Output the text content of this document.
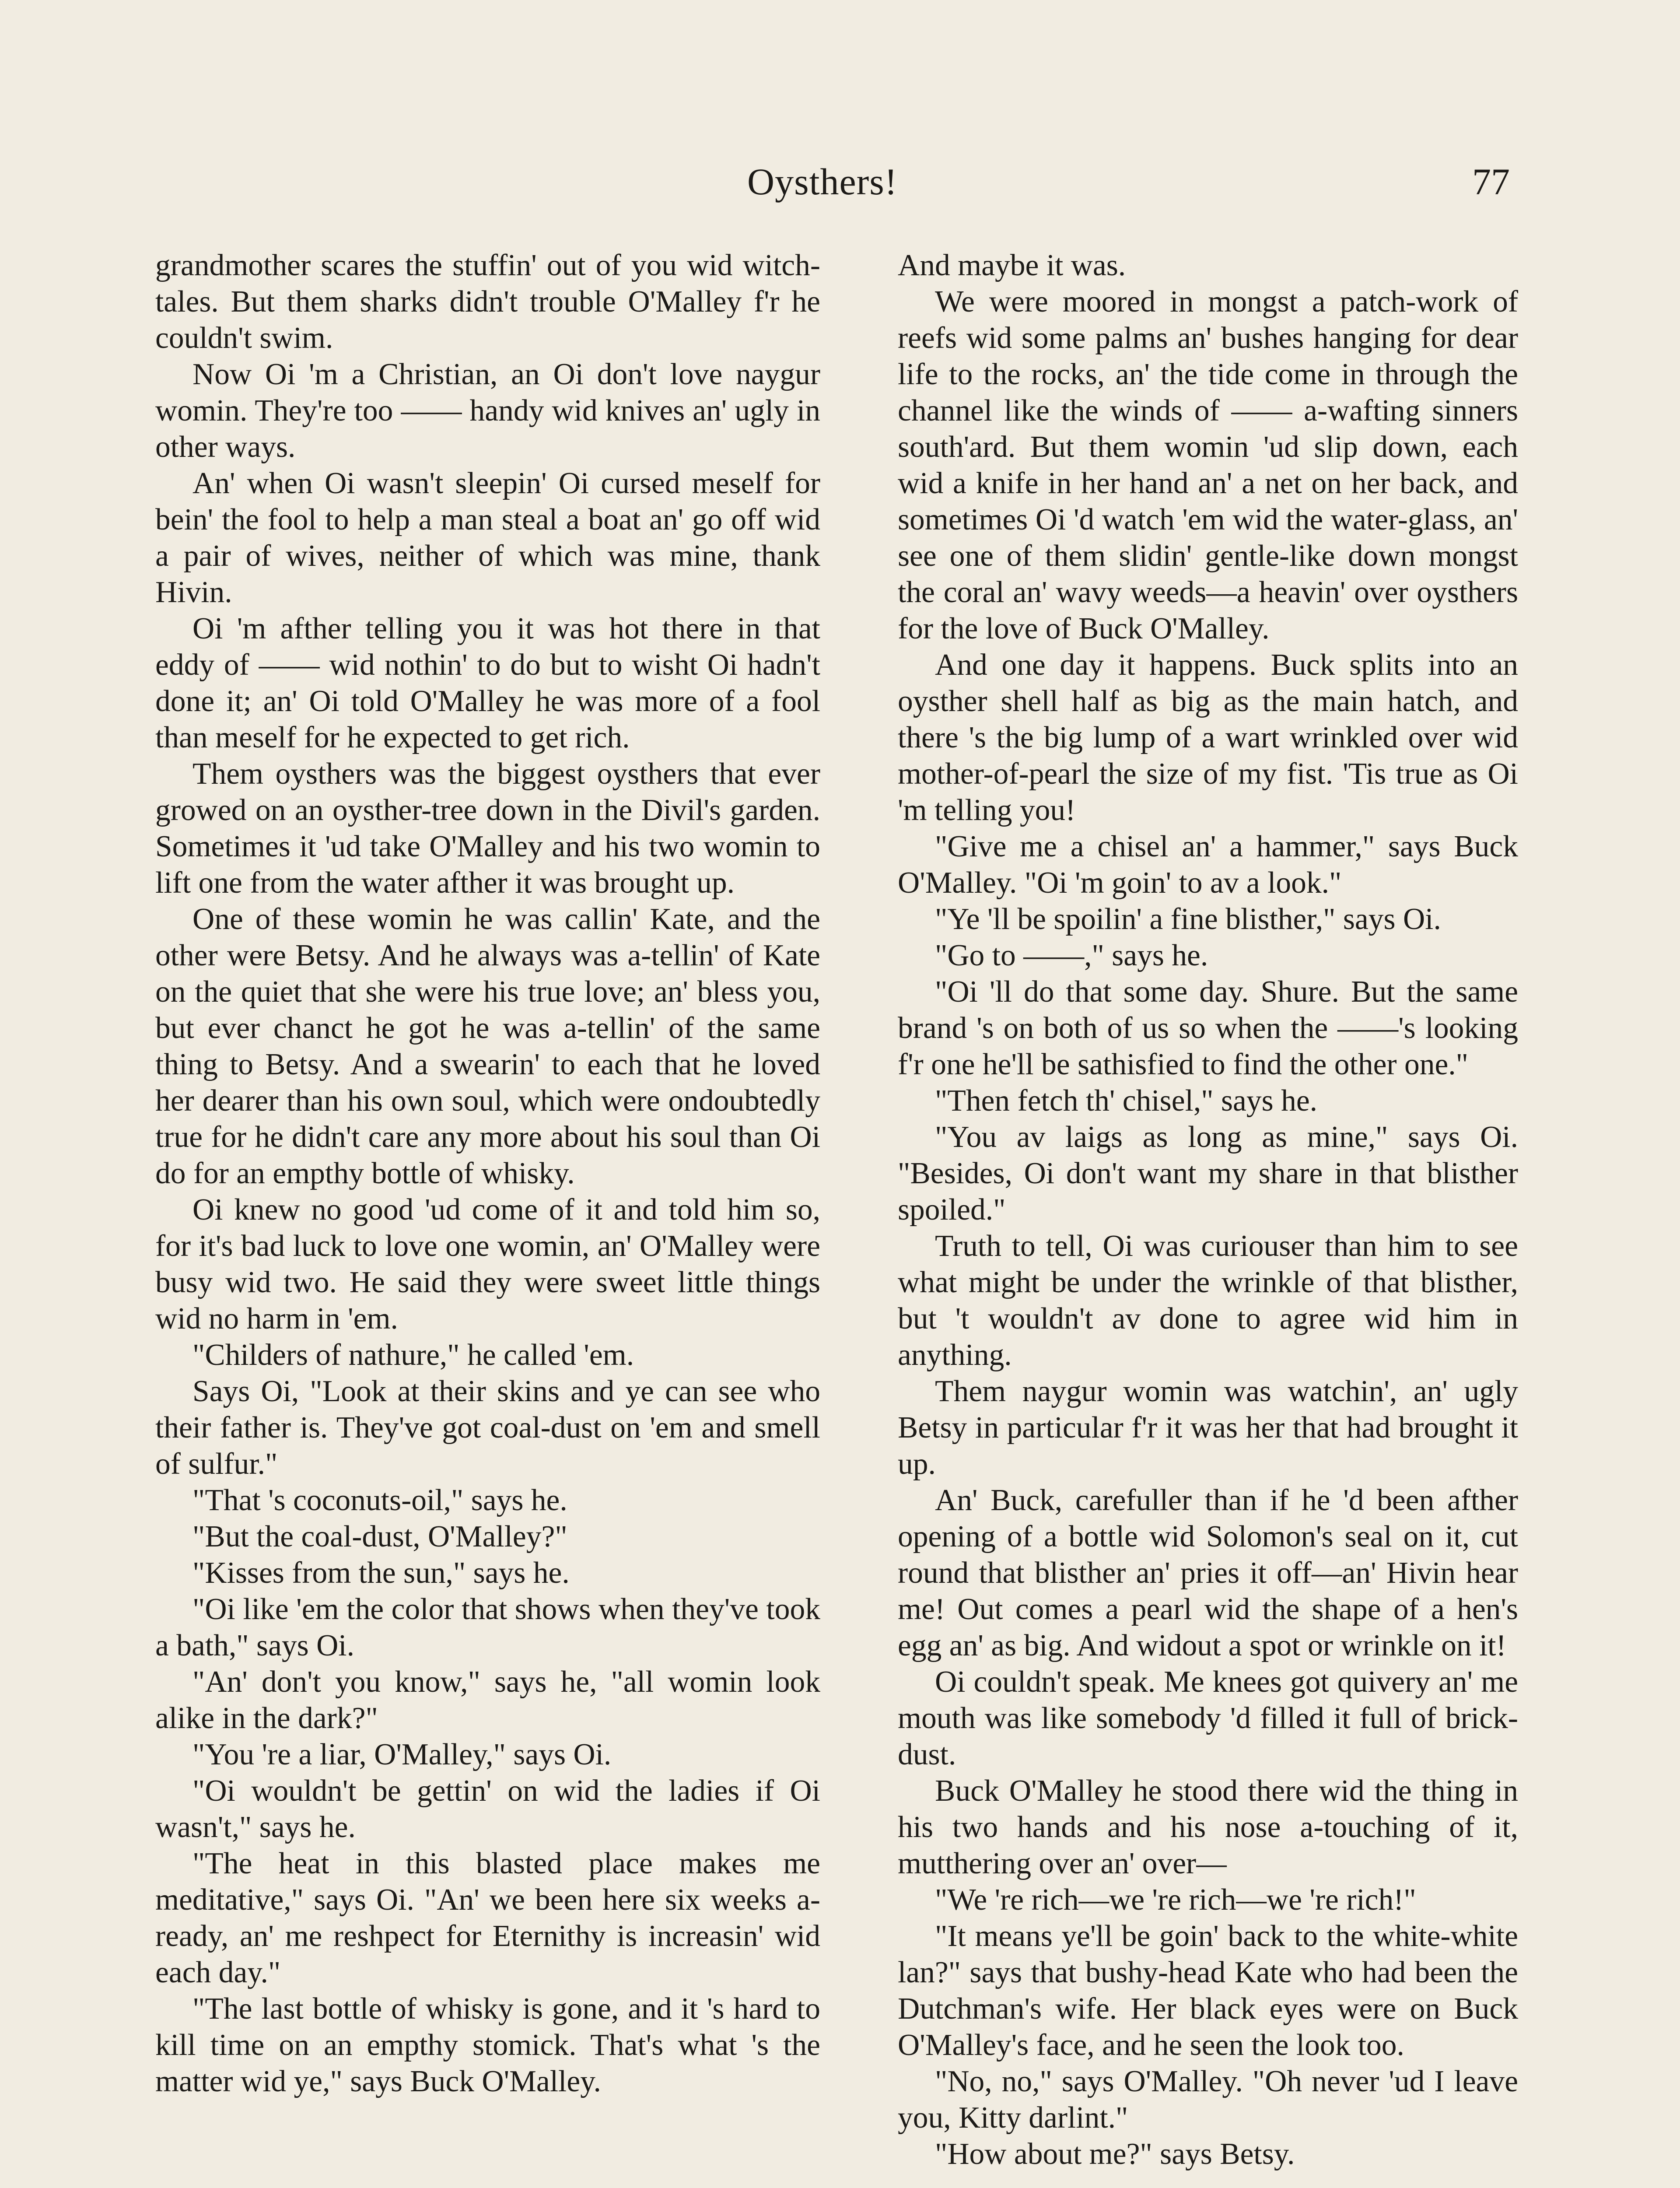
Oysthers!	77

grandmother scares the stuffin' out of you wid witch-tales. But them sharks didn't trouble O'Malley f'r he couldn't swim.

Now Oi 'm a Christian, an Oi don't love naygur womin. They're too —— handy wid knives an' ugly in other ways.

An' when Oi wasn't sleepin' Oi cursed meself for bein' the fool to help a man steal a boat an' go off wid a pair of wives, neither of which was mine, thank Hivin.

Oi 'm afther telling you it was hot there in that eddy of —— wid nothin' to do but to wisht Oi hadn't done it; an' Oi told O'Malley he was more of a fool than meself for he expected to get rich.

Them oysthers was the biggest oysthers that ever growed on an oysther-tree down in the Divil's garden. Sometimes it 'ud take O'Malley and his two womin to lift one from the water afther it was brought up.

One of these womin he was callin' Kate, and the other were Betsy. And he always was a-tellin' of Kate on the quiet that she were his true love; an' bless you, but ever chanct he got he was a-tellin' of the same thing to Betsy. And a swearin' to each that he loved her dearer than his own soul, which were ondoubtedly true for he didn't care any more about his soul than Oi do for an empthy bottle of whisky.

Oi knew no good 'ud come of it and told him so, for it's bad luck to love one womin, an' O'Malley were busy wid two. He said they were sweet little things wid no harm in 'em.

"Childers of nathure," he called 'em.

Says Oi, "Look at their skins and ye can see who their father is. They've got coal-dust on 'em and smell of sulfur."

"That 's coconuts-oil," says he.

"But the coal-dust, O'Malley?"

"Kisses from the sun," says he.

"Oi like 'em the color that shows when they've took a bath," says Oi.

"An' don't you know," says he, "all womin look alike in the dark?"

"You 're a liar, O'Malley," says Oi.

"Oi wouldn't be gettin' on wid the ladies if Oi wasn't," says he.

"The heat in this blasted place makes me meditative," says Oi. "An' we been here six weeks a-ready, an' me reshpect for Eternithy is increasin' wid each day."

"The last bottle of whisky is gone, and it 's hard to kill time on an empthy stomick. That's what 's the matter wid ye," says Buck O'Malley.

And maybe it was.

We were moored in mongst a patch-work of reefs wid some palms an' bushes hanging for dear life to the rocks, an' the tide come in through the channel like the winds of —— a-wafting sinners south'ard. But them womin 'ud slip down, each wid a knife in her hand an' a net on her back, and sometimes Oi 'd watch 'em wid the water-glass, an' see one of them slidin' gentle-like down mongst the coral an' wavy weeds—a heavin' over oysthers for the love of Buck O'Malley.

And one day it happens. Buck splits into an oysther shell half as big as the main hatch, and there 's the big lump of a wart wrinkled over wid mother-of-pearl the size of my fist. 'Tis true as Oi 'm telling you!

"Give me a chisel an' a hammer," says Buck O'Malley. "Oi 'm goin' to av a look."

"Ye 'll be spoilin' a fine blisther," says Oi.

"Go to ——," says he.

"Oi 'll do that some day. Shure. But the same brand 's on both of us so when the ——'s looking f'r one he'll be sathisfied to find the other one."

"Then fetch th' chisel," says he.

"You av laigs as long as mine," says Oi. "Besides, Oi don't want my share in that blisther spoiled."

Truth to tell, Oi was curiouser than him to see what might be under the wrinkle of that blisther, but 't wouldn't av done to agree wid him in anything.

Them naygur womin was watchin', an' ugly Betsy in particular f'r it was her that had brought it up.

An' Buck, carefuller than if he 'd been afther opening of a bottle wid Solomon's seal on it, cut round that blisther an' pries it off—an' Hivin hear me! Out comes a pearl wid the shape of a hen's egg an' as big. And widout a spot or wrinkle on it!

Oi couldn't speak. Me knees got quivery an' me mouth was like somebody 'd filled it full of brick-dust.

Buck O'Malley he stood there wid the thing in his two hands and his nose a-touching of it, mutthering over an' over—

"We 're rich—we 're rich—we 're rich!"

"It means ye'll be goin' back to the white-white lan?" says that bushy-head Kate who had been the Dutchman's wife. Her black eyes were on Buck O'Malley's face, and he seen the look too.

"No, no," says O'Malley. "Oh never 'ud I leave you, Kitty darlint."

"How about me?" says Betsy.
